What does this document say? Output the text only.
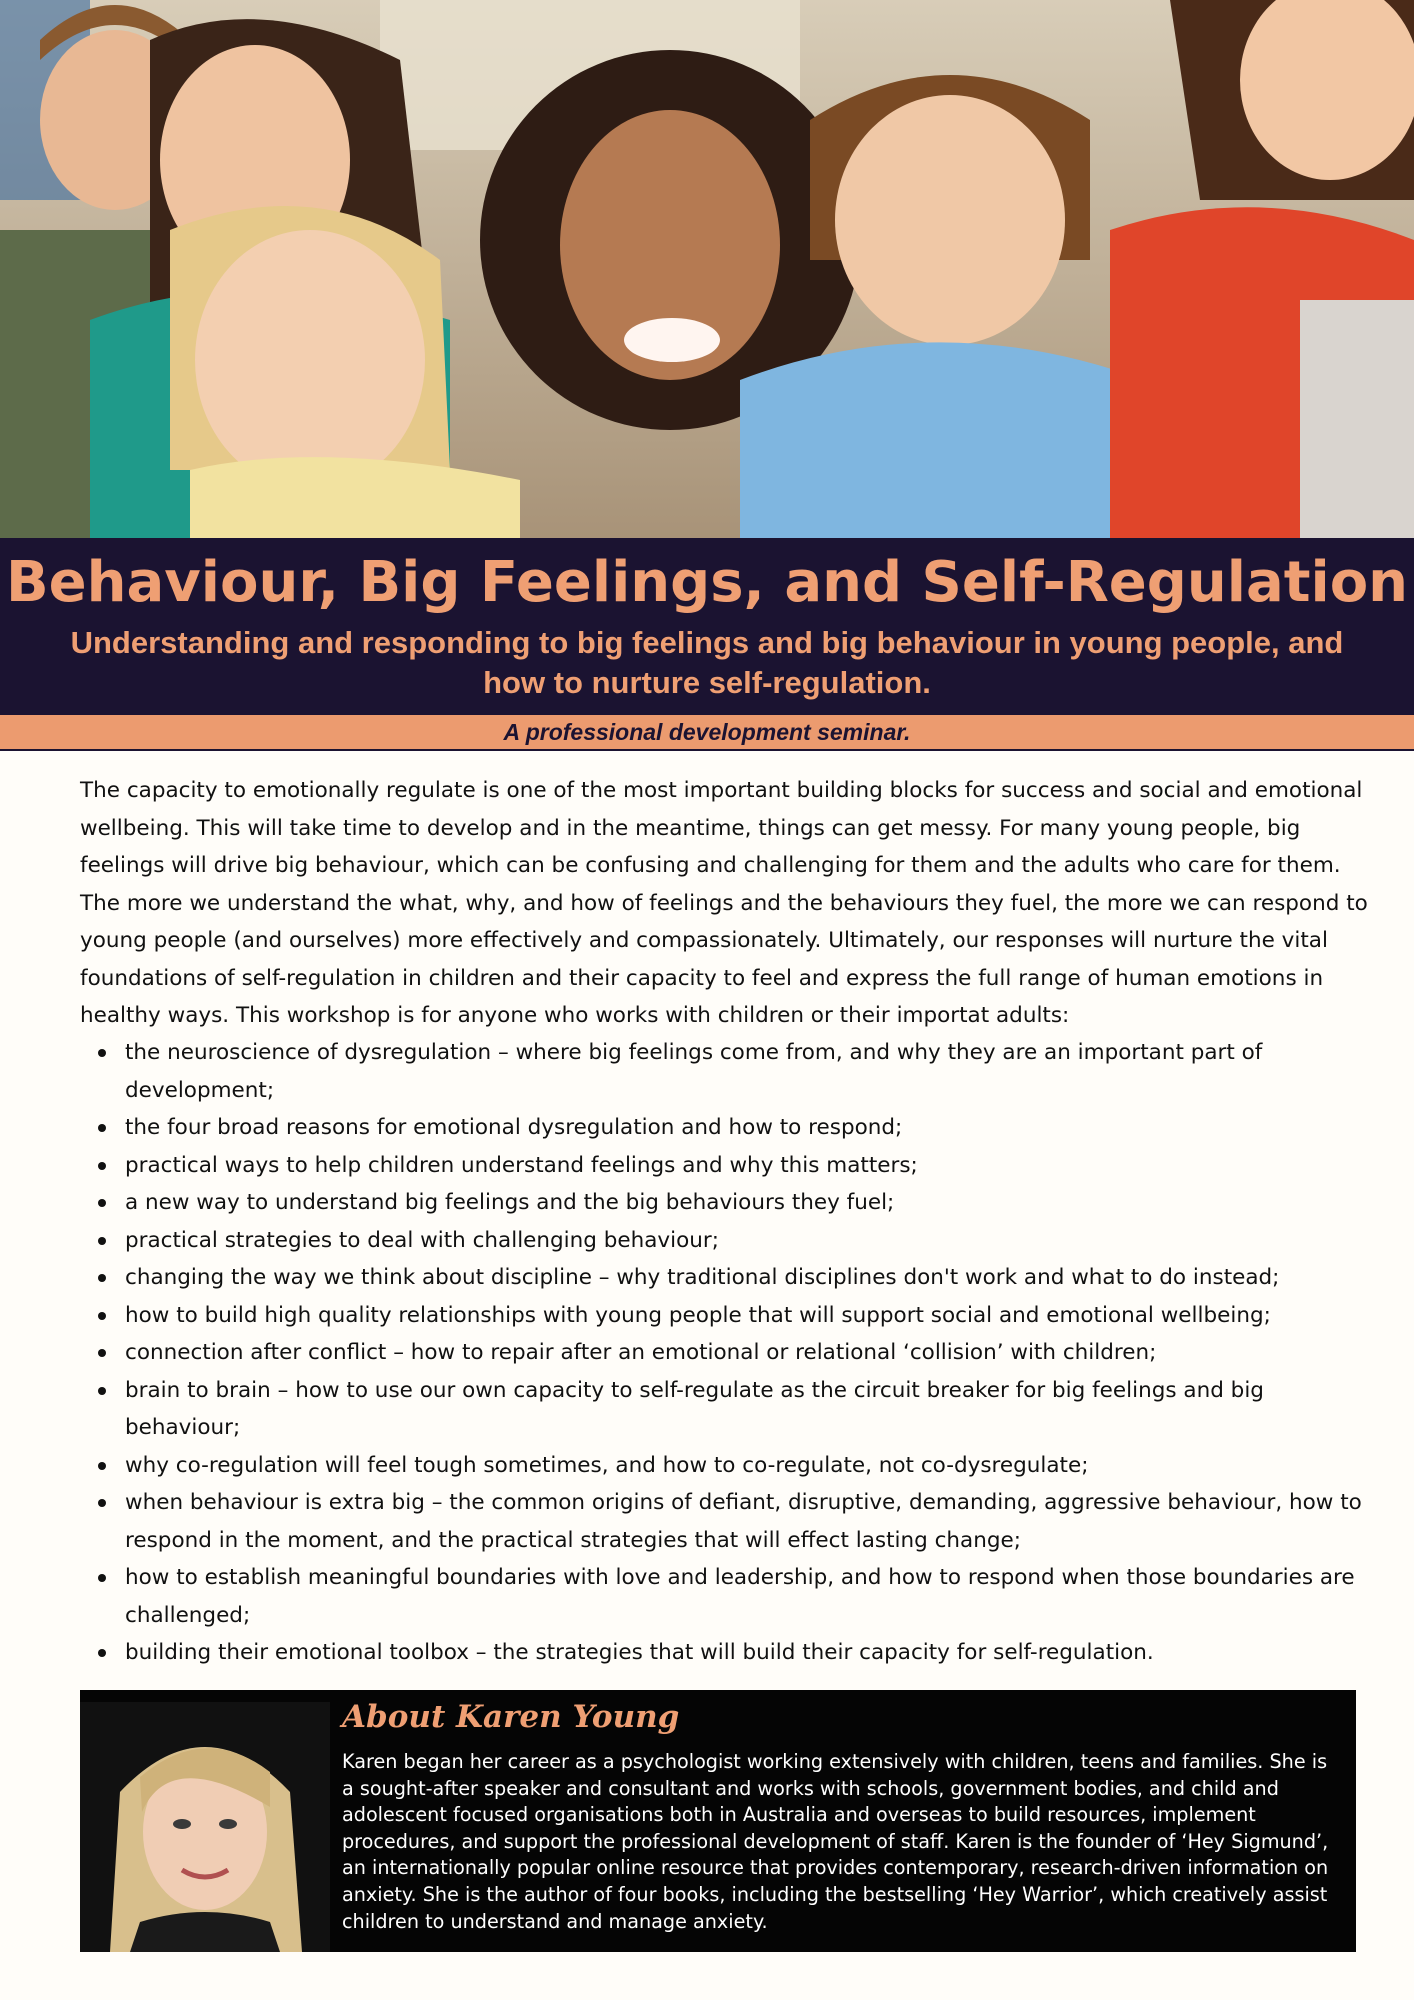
Behaviour, Big Feelings, and Self-Regulation

Understanding and responding to big feelings and big behaviour in young people, and how to nurture self-regulation.

A professional development seminar.

The capacity to emotionally regulate is one of the most important building blocks for success and social and emotional wellbeing. This will take time to develop and in the meantime, things can get messy. For many young people, big feelings will drive big behaviour, which can be confusing and challenging for them and the adults who care for them. The more we understand the what, why, and how of feelings and the behaviours they fuel, the more we can respond to young people (and ourselves) more effectively and compassionately. Ultimately, our responses will nurture the vital foundations of self-regulation in children and their capacity to feel and express the full range of human emotions in healthy ways. This workshop is for anyone who works with children or their importat adults:

the neuroscience of dysregulation – where big feelings come from, and why they are an important part of development;
the four broad reasons for emotional dysregulation and how to respond;
practical ways to help children understand feelings and why this matters;
a new way to understand big feelings and the big behaviours they fuel;
practical strategies to deal with challenging behaviour;
changing the way we think about discipline – why traditional disciplines don't work and what to do instead;
how to build high quality relationships with young people that will support social and emotional wellbeing;
connection after conflict – how to repair after an emotional or relational ‘collision’ with children;
brain to brain – how to use our own capacity to self-regulate as the circuit breaker for big feelings and big behaviour;
why co-regulation will feel tough sometimes, and how to co-regulate, not co-dysregulate;
when behaviour is extra big – the common origins of defiant, disruptive, demanding, aggressive behaviour, how to respond in the moment, and the practical strategies that will effect lasting change;
how to establish meaningful boundaries with love and leadership, and how to respond when those boundaries are challenged;
building their emotional toolbox – the strategies that will build their capacity for self-regulation.
About Karen Young

Karen began her career as a psychologist working extensively with children, teens and families. She is a sought-after speaker and consultant and works with schools, government bodies, and child and adolescent focused organisations both in Australia and overseas to build resources, implement procedures, and support the professional development of staff. Karen is the founder of ‘Hey Sigmund’, an internationally popular online resource that provides contemporary, research-driven information on anxiety. She is the author of four books, including the bestselling ‘Hey Warrior’, which creatively assist children to understand and manage anxiety.
